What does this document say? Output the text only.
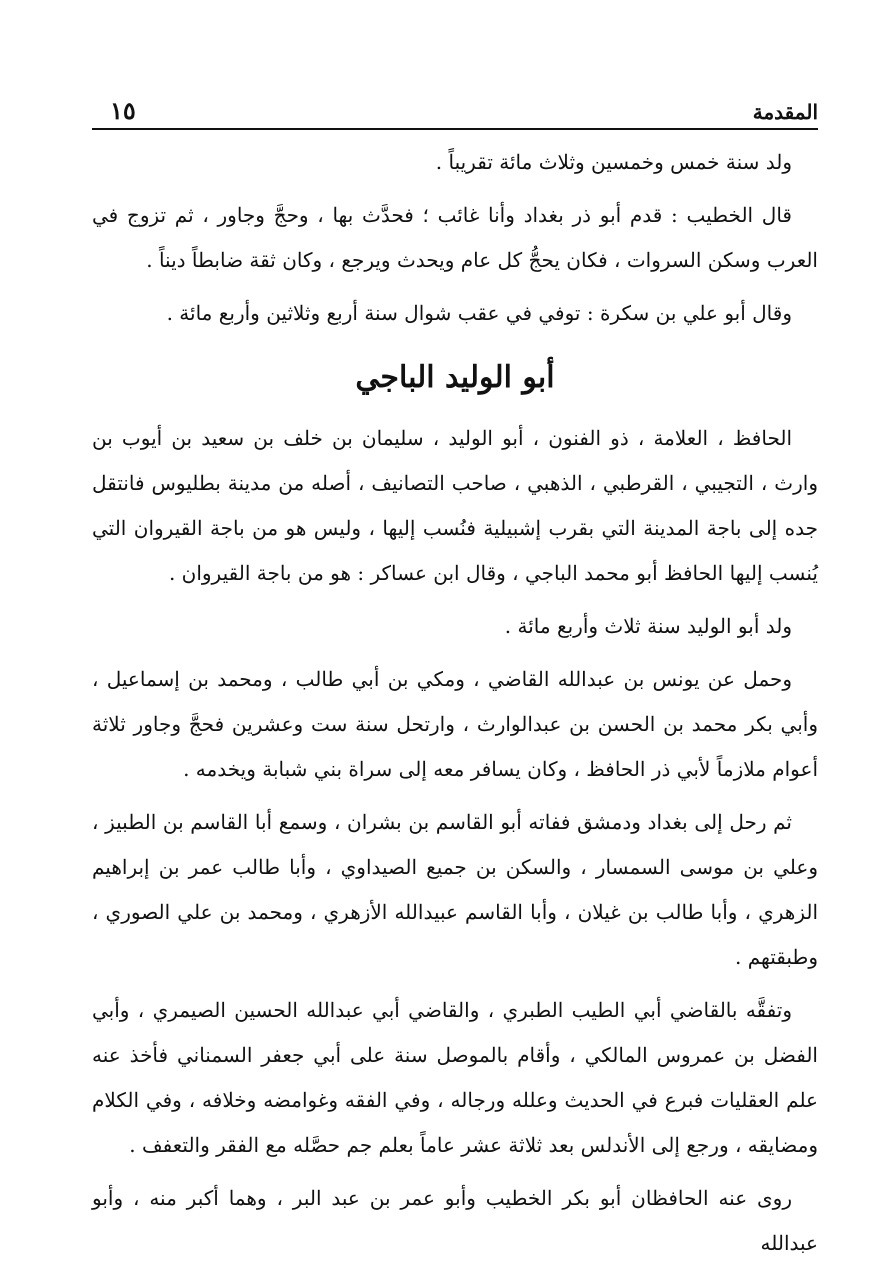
المقدمة
١٥

ولد سنة خمس وخمسين وثلاث مائة تقريباً .

قال الخطيب : قدم أبو ذر بغداد وأنا غائب ؛ فحدَّث بها ، وحجَّ وجاور ، ثم تزوج في العرب وسكن السروات ، فكان يحجُّ كل عام ويحدث ويرجع ، وكان ثقة ضابطاً ديناً .

وقال أبو علي بن سكرة : توفي في عقب شوال سنة أربع وثلاثين وأربع مائة .

أبو الوليد الباجي

الحافظ ، العلامة ، ذو الفنون ، أبو الوليد ، سليمان بن خلف بن سعيد بن أيوب بن وارث ، التجيبي ، القرطبي ، الذهبي ، صاحب التصانيف ، أصله من مدينة بطليوس فانتقل جده إلى باجة المدينة التي بقرب إشبيلية فنُسب إليها ، وليس هو من باجة القيروان التي يُنسب إليها الحافظ أبو محمد الباجي ، وقال ابن عساكر : هو من باجة القيروان .

ولد أبو الوليد سنة ثلاث وأربع مائة .

وحمل عن يونس بن عبدالله القاضي ، ومكي بن أبي طالب ، ومحمد بن إسماعيل ، وأبي بكر محمد بن الحسن بن عبدالوارث ، وارتحل سنة ست وعشرين فحجَّ وجاور ثلاثة أعوام ملازماً لأبي ذر الحافظ ، وكان يسافر معه إلى سراة بني شبابة ويخدمه .

ثم رحل إلى بغداد ودمشق ففاته أبو القاسم بن بشران ، وسمع أبا القاسم بن الطبيز ، وعلي بن موسى السمسار ، والسكن بن جميع الصيداوي ، وأبا طالب عمر بن إبراهيم الزهري ، وأبا طالب بن غيلان ، وأبا القاسم عبيدالله الأزهري ، ومحمد بن علي الصوري ، وطبقتهم .

وتفقَّه بالقاضي أبي الطيب الطبري ، والقاضي أبي عبدالله الحسين الصيمري ، وأبي الفضل بن عمروس المالكي ، وأقام بالموصل سنة على أبي جعفر السمناني فأخذ عنه علم العقليات فبرع في الحديث وعلله ورجاله ، وفي الفقه وغوامضه وخلافه ، وفي الكلام ومضايقه ، ورجع إلى الأندلس بعد ثلاثة عشر عاماً بعلم جم حصَّله مع الفقر والتعفف .

روى عنه الحافظان أبو بكر الخطيب وأبو عمر بن عبد البر ، وهما أكبر منه ، وأبو عبدالله
